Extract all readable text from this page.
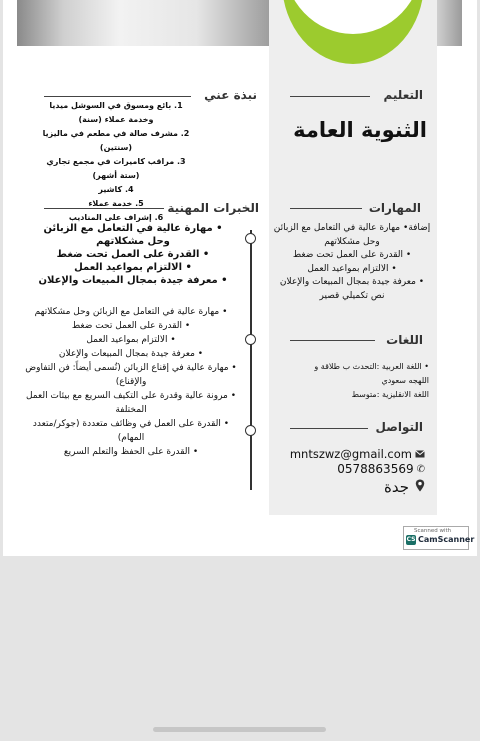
التعليم
الثنوية العامة
نبذة عني
1. بائع ومسوق في السوشل ميديا وخدمة عملاء (سنة)
2. مشرف صالة في مطعم في ماليزيا (سنتين)
3. مراقب كاميرات في مجمع تجاري (ستة أشهر)
4. كاشير
5. خدمة عملاء
6. إشراف على المناديب
المهارات
إضافة• مهارة عالية في التعامل مع الزبائن وحل مشكلاتهم
• القدرة على العمل تحت ضغط
• الالتزام بمواعيد العمل
• معرفة جيدة بمجال المبيعات والإعلان
نص تكميلي قصير
الخبرات المهنية
• مهارة عالية في التعامل مع الزبائن وحل مشكلاتهم
• القدرة على العمل تحت ضغط
• الالتزام بمواعيد العمل
• معرفة جيدة بمجال المبيعات والإعلان
• مهارة عالية في التعامل مع الزبائن وحل مشكلاتهم
• القدرة على العمل تحت ضغط
• الالتزام بمواعيد العمل
• معرفة جيدة بمجال المبيعات والإعلان
• مهارة عالية في إقناع الزبائن (تُسمى أيضاً: فن التفاوض والإقناع)
• مرونة عالية وقدرة على التكيف السريع مع بيئات العمل المختلفة
• القدرة على العمل في وظائف متعددة (جوكر/متعدد المهام)
• القدرة على الحفظ والتعلم السريع
اللغات
• اللغة العربية :التحدث ب طلاقة و اللهجه سعودي
اللغة الانقليزية :متوسط
التواصل
mntszwz@gmail.com
0578863569 ✆
جدة
Scanned with
CS CamScanner
